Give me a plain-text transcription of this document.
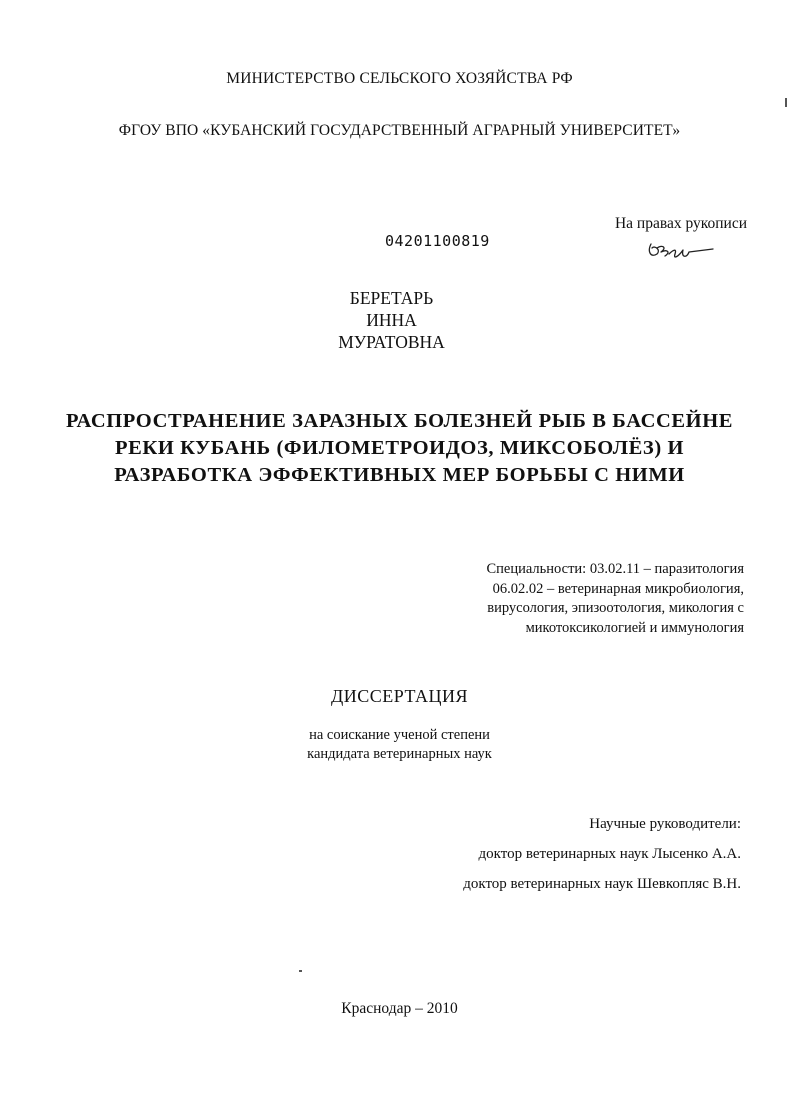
МИНИСТЕРСТВО СЕЛЬСКОГО ХОЗЯЙСТВА РФ
ФГОУ ВПО «КУБАНСКИЙ ГОСУДАРСТВЕННЫЙ АГРАРНЫЙ УНИВЕРСИТЕТ»
На правах рукописи
04201100819
БЕРЕТАРЬ
ИННА
МУРАТОВНА
РАСПРОСТРАНЕНИЕ ЗАРАЗНЫХ БОЛЕЗНЕЙ РЫБ В БАССЕЙНЕ
РЕКИ КУБАНЬ (ФИЛОМЕТРОИДОЗ, МИКСОБОЛЁЗ) И
РАЗРАБОТКА ЭФФЕКТИВНЫХ МЕР БОРЬБЫ С НИМИ
Специальности: 03.02.11 – паразитология
06.02.02 – ветеринарная микробиология,
вирусология, эпизоотология, микология с
микотоксикологией и иммунология
ДИССЕРТАЦИЯ
на соискание ученой степени
кандидата ветеринарных наук
Научные руководители:
доктор ветеринарных наук Лысенко А.А.
доктор ветеринарных наук Шевкопляс В.Н.
Краснодар – 2010
